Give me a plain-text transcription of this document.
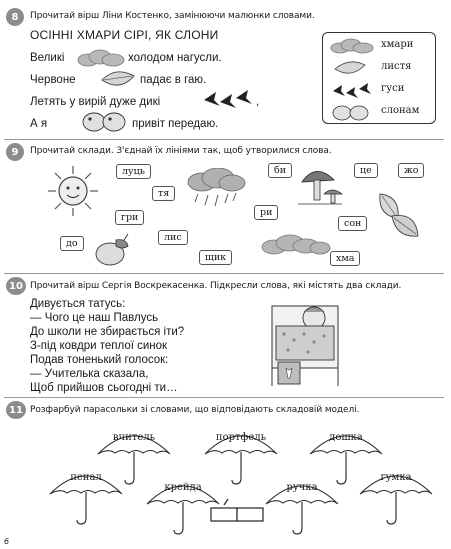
8	Прочитай вірш Ліни Костенко, замінюючи малюнки словами.
ОСІННІ ХМАРИ СІРІ, ЯК СЛОНИ
Великі	холодом нагусли.
Червоне	падає в гаю.
Летять у вирій дуже дикі	,
А я	привіт передаю.
хмари
листя
гуси
слонам
9	Прочитай склади. З'єднай їх лініями так, щоб утворилися слова.
луць
тя
гри
лис
до
щик
би
ри
це	жо
сон
хма
10 Прочитай вірш Сергія Воскрекасенка. Підкресли слова, які містять два склади.
Дивується татусь:
— Чого це наш Павлусь
До школи не збирається іти?
З-під ковдри теплої синок
Подав тоненький голосок:
— Учителька сказала,
Щоб прийшов сьогодні ти…
11 Розфарбуй парасольки зі словами, що відповідають складовій моделі.
вчитель	портфель	дошка
пенал
крейда	ручка
гумка
6
